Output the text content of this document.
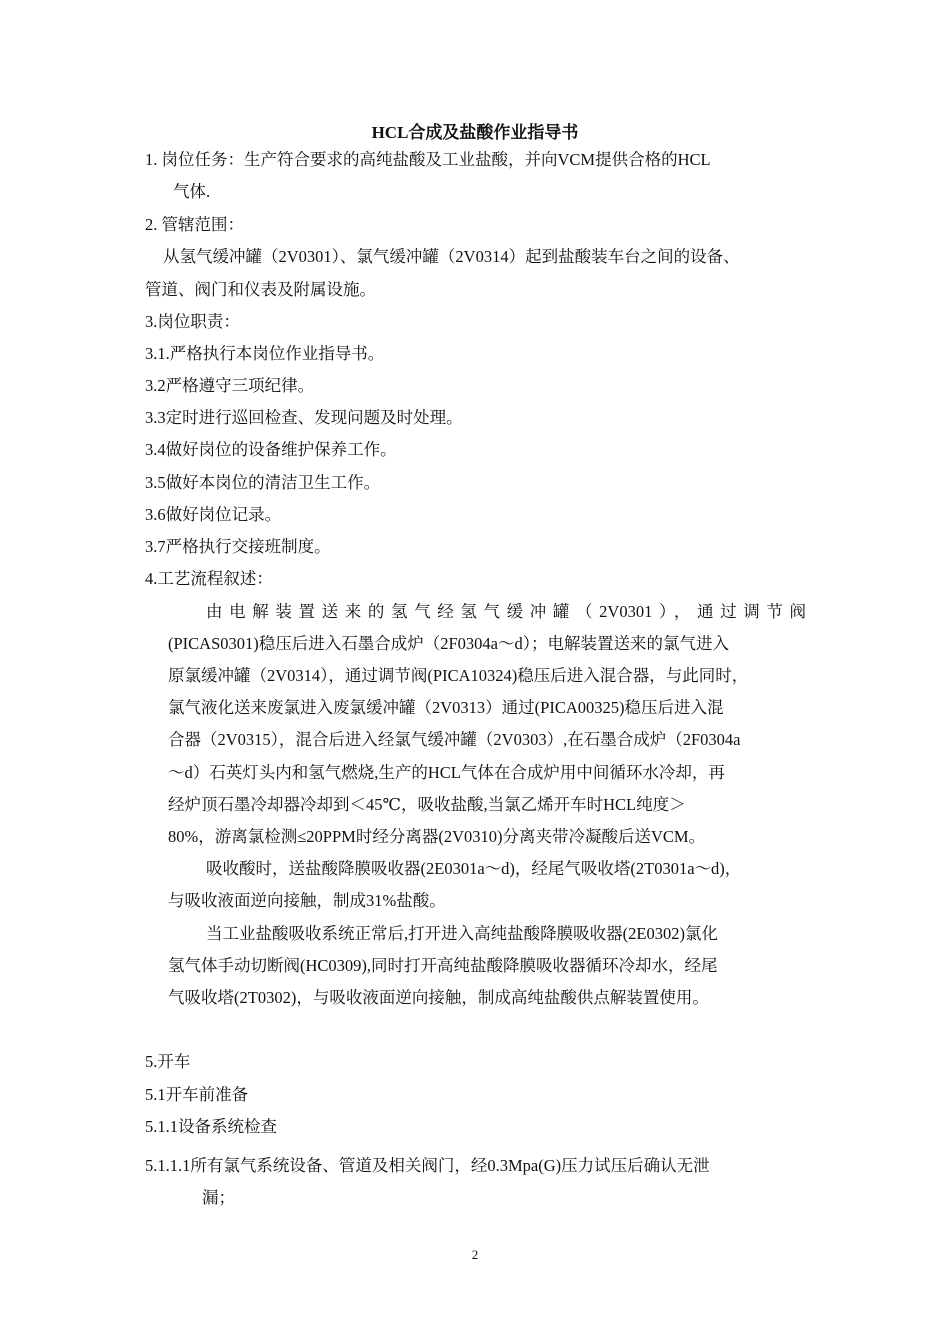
HCL合成及盐酸作业指导书
1. 岗位任务：生产符合要求的高纯盐酸及工业盐酸，并向VCM提供合格的HCL
气体.
2. 管辖范围：
从氢气缓冲罐（2V0301）、氯气缓冲罐（2V0314）起到盐酸装车台之间的设备、
管道、阀门和仪表及附属设施。
3.岗位职责：
3.1.严格执行本岗位作业指导书。
3.2严格遵守三项纪律。
3.3定时进行巡回检查、发现问题及时处理。
3.4做好岗位的设备维护保养工作。
3.5做好本岗位的清洁卫生工作。
3.6做好岗位记录。
3.7严格执行交接班制度。
4.工艺流程叙述：
由电解装置送来的氢气经氢气缓冲罐（2V0301），通过调节阀
(PICAS0301)稳压后进入石墨合成炉（2F0304a～d）；电解装置送来的氯气进入
原氯缓冲罐（2V0314），通过调节阀(PICA10324)稳压后进入混合器，与此同时，
氯气液化送来废氯进入废氯缓冲罐（2V0313）通过(PICA00325)稳压后进入混
合器（2V0315），混合后进入经氯气缓冲罐（2V0303）,在石墨合成炉（2F0304a
～d）石英灯头内和氢气燃烧,生产的HCL气体在合成炉用中间循环水冷却，再
经炉顶石墨冷却器冷却到＜45℃，吸收盐酸,当氯乙烯开车时HCL纯度＞
80%，游离氯检测≤20PPM时经分离器(2V0310)分离夹带冷凝酸后送VCM。
吸收酸时，送盐酸降膜吸收器(2E0301a～d)，经尾气吸收塔(2T0301a～d)，
与吸收液面逆向接触，制成31%盐酸。
当工业盐酸吸收系统正常后,打开进入高纯盐酸降膜吸收器(2E0302)氯化
氢气体手动切断阀(HC0309),同时打开高纯盐酸降膜吸收器循环冷却水，经尾
气吸收塔(2T0302)，与吸收液面逆向接触，制成高纯盐酸供点解装置使用。
5.开车
5.1开车前准备
5.1.1设备系统检查
5.1.1.1所有氯气系统设备、管道及相关阀门，经0.3Mpa(G)压力试压后确认无泄
漏；
2
